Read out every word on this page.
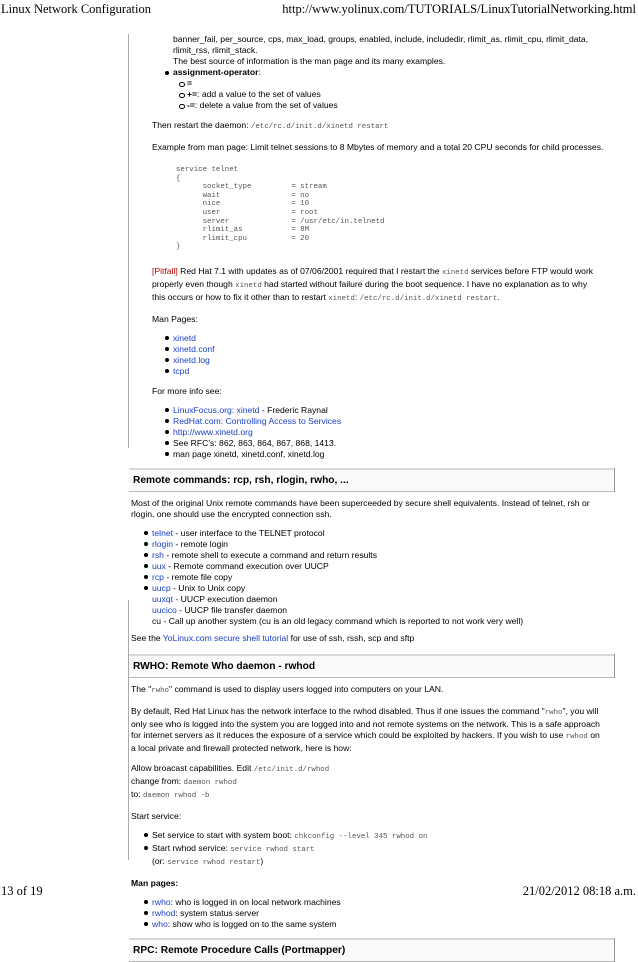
Linux Network Configuration	http://www.yolinux.com/TUTORIALS/LinuxTutorialNetworking.html

banner_fail, per_source, cps, max_load, groups, enabled, include, includedir, rlimit_as, rlimit_cpu, rlimit_data,

rlimit_rss, rlimit_stack.

The best source of information is the man page and its many examples.

assignment-operator:
=
+=: add a value to the set of values
-=: delete a value from the set of values

Then restart the daemon: /etc/rc.d/init.d/xinetd restart

Example from man page: Limit telnet sessions to 8 Mbytes of memory and a total 20 CPU seconds for child processes.

service telnet
{
socket_type         = stream
wait                = no
nice                = 10
user                = root
server              = /usr/etc/in.telnetd
rlimit_as           = 8M
rlimit_cpu          = 20
}

[Pitfall] Red Hat 7.1 with updates as of 07/06/2001 required that I restart the xinetd services before FTP would work properly even though xinetd had started without failure during the boot sequence. I have no explanation as to why this occurs or how to fix it other than to restart xinetd: /etc/rc.d/init.d/xinetd restart.

Man Pages:

xinetd
xinetd.conf
xinetd.log
tcpd

For more info see:

LinuxFocus.org: xinetd - Frederic Raynal
RedHat.com: Controlling Access to Services
http://www.xinetd.org
See RFC's: 862, 863, 864, 867, 868, 1413.
man page xinetd, xinetd.conf, xinetd.log
Remote commands: rcp, rsh, rlogin, rwho, ...

Most of the original Unix remote commands have been superceeded by secure shell equivalents. Instead of telnet, rsh or rlogin, one should use the encrypted connection ssh.

telnet - user interface to the TELNET protocol
rlogin - remote login
rsh - remote shell to execute a command and return results
uux - Remote command execution over UUCP
rcp - remote file copy
uucp - Unix to Unix copy
uuxqt - UUCP execution daemon
uucico - UUCP file transfer daemon
cu - Call up another system (cu is an old legacy command which is reported to not work very well)

See the YoLinux.com secure shell tutorial for use of ssh, rssh, scp and sftp

RWHO: Remote Who daemon - rwhod

The "rwho" command is used to display users logged into computers on your LAN.

By default, Red Hat Linux has the network interface to the rwhod disabled. Thus if one issues the command "rwho", you will only see who is logged into the system you are logged into and not remote systems on the network. This is a safe approach for internet servers as it reduces the exposure of a service which could be exploited by hackers. If you wish to use rwhod on a local private and firewall protected network, here is how:

Allow broacast capabilities. Edit /etc/init.d/rwhod

change from: daemon rwhod

to: daemon rwhod -b

Start service:

Set service to start with system boot: chkconfig --level 345 rwhod on
Start rwhod service: service rwhod start
(or: service rwhod restart)

Man pages:

rwho: who is logged in on local network machines
rwhod: system status server
who: show who is logged on to the same system
RPC: Remote Procedure Calls (Portmapper)
13 of 19	21/02/2012 08:18 a.m.
